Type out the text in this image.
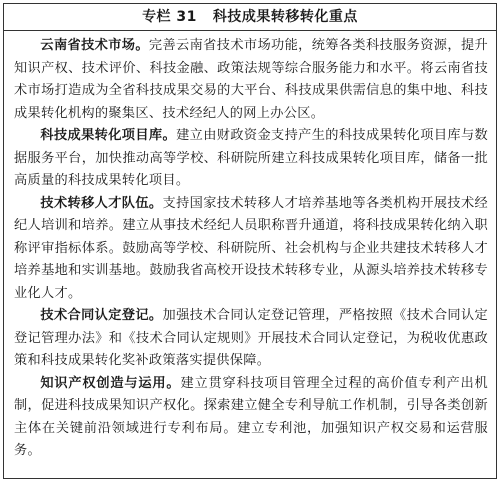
专栏 31 科技成果转移转化重点

云南省技术市场。完善云南省技术市场功能，统筹各类科技服务资源，提升知识产权、技术评价、科技金融、政策法规等综合服务能力和水平。将云南省技术市场打造成为全省科技成果交易的大平台、科技成果供需信息的集中地、科技成果转化机构的聚集区、技术经纪人的网上办公区。

科技成果转化项目库。建立由财政资金支持产生的科技成果转化项目库与数据服务平台，加快推动高等学校、科研院所建立科技成果转化项目库，储备一批高质量的科技成果转化项目。

技术转移人才队伍。支持国家技术转移人才培养基地等各类机构开展技术经纪人培训和培养。建立从事技术经纪人员职称晋升通道，将科技成果转化纳入职称评审指标体系。鼓励高等学校、科研院所、社会机构与企业共建技术转移人才培养基地和实训基地。鼓励我省高校开设技术转移专业，从源头培养技术转移专业化人才。

技术合同认定登记。加强技术合同认定登记管理，严格按照《技术合同认定登记管理办法》和《技术合同认定规则》开展技术合同认定登记，为税收优惠政策和科技成果转化奖补政策落实提供保障。

知识产权创造与运用。建立贯穿科技项目管理全过程的高价值专利产出机制，促进科技成果知识产权化。探索建立健全专利导航工作机制，引导各类创新主体在关键前沿领域进行专利布局。建立专利池，加强知识产权交易和运营服务。
